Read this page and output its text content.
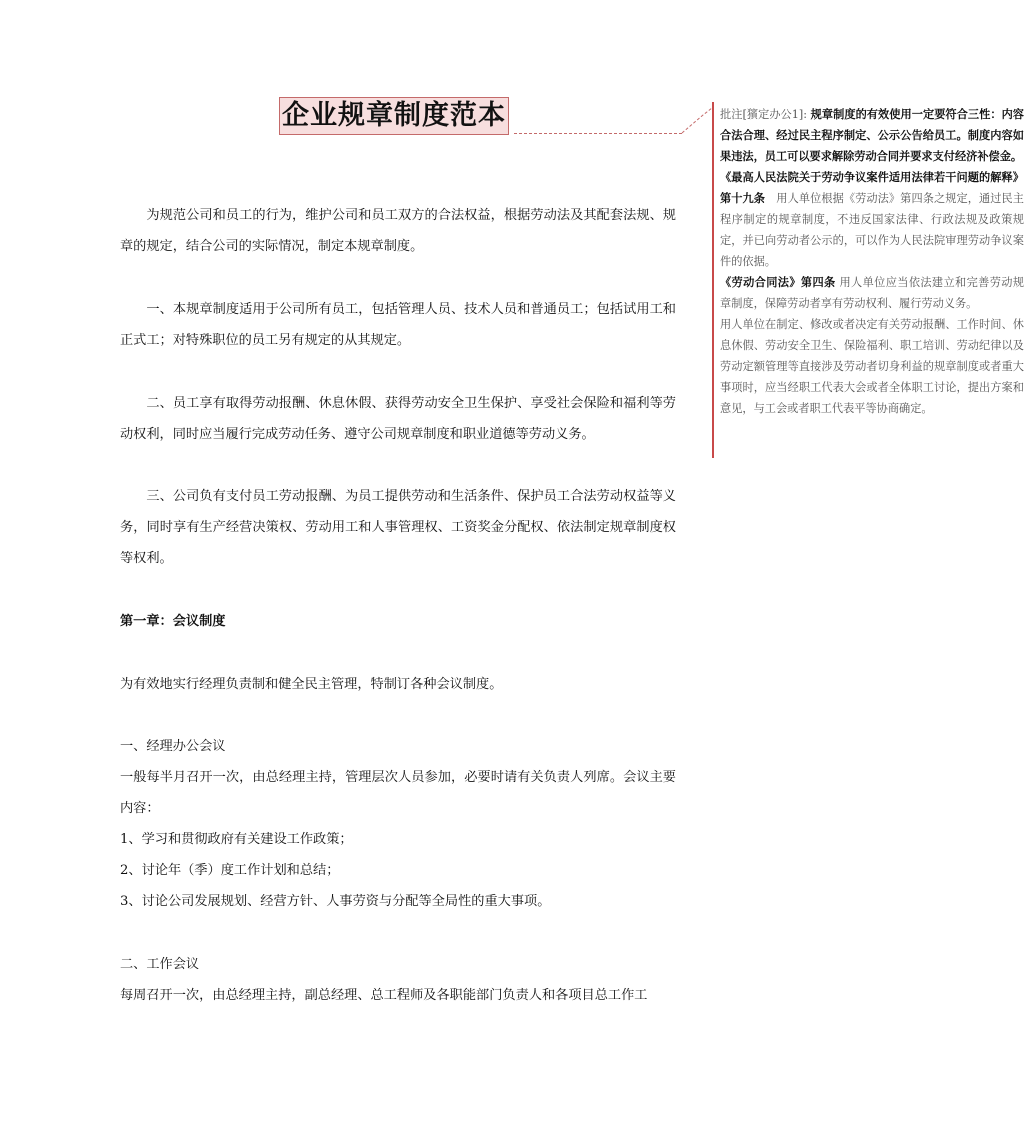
企业规章制度范本

为规范公司和员工的行为，维护公司和员工双方的合法权益，根据劳动法及其配套法规、规章的规定，结合公司的实际情况，制定本规章制度。

一、本规章制度适用于公司所有员工，包括管理人员、技术人员和普通员工；包括试用工和正式工；对特殊职位的员工另有规定的从其规定。

二、员工享有取得劳动报酬、休息休假、获得劳动安全卫生保护、享受社会保险和福利等劳动权利，同时应当履行完成劳动任务、遵守公司规章制度和职业道德等劳动义务。

三、公司负有支付员工劳动报酬、为员工提供劳动和生活条件、保护员工合法劳动权益等义务，同时享有生产经营决策权、劳动用工和人事管理权、工资奖金分配权、依法制定规章制度权等权利。

第一章：会议制度

为有效地实行经理负责制和健全民主管理，特制订各种会议制度。

一、经理办公会议

一般每半月召开一次，由总经理主持，管理层次人员参加，必要时请有关负责人列席。会议主要内容：

1、学习和贯彻政府有关建设工作政策；

2、讨论年（季）度工作计划和总结；

3、讨论公司发展规划、经营方针、人事劳资与分配等全局性的重大事项。

二、工作会议

每周召开一次，由总经理主持，副总经理、总工程师及各职能部门负责人和各项目总工作工

批注[獱定办公1]: 规章制度的有效使用一定要符合三性：内容合法合理、经过民主程序制定、公示公告给员工。制度内容如果违法，员工可以要求解除劳动合同并要求支付经济补偿金。

《最高人民法院关于劳动争议案件适用法律若干问题的解释》第十九条　用人单位根据《劳动法》第四条之规定，通过民主程序制定的规章制度，不违反国家法律、行政法规及政策规定，并已向劳动者公示的，可以作为人民法院审理劳动争议案件的依据。

《劳动合同法》第四条 用人单位应当依法建立和完善劳动规章制度，保障劳动者享有劳动权利、履行劳动义务。

用人单位在制定、修改或者决定有关劳动报酬、工作时间、休息休假、劳动安全卫生、保险福利、职工培训、劳动纪律以及劳动定额管理等直接涉及劳动者切身利益的规章制度或者重大事项时，应当经职工代表大会或者全体职工讨论，提出方案和意见，与工会或者职工代表平等协商确定。
